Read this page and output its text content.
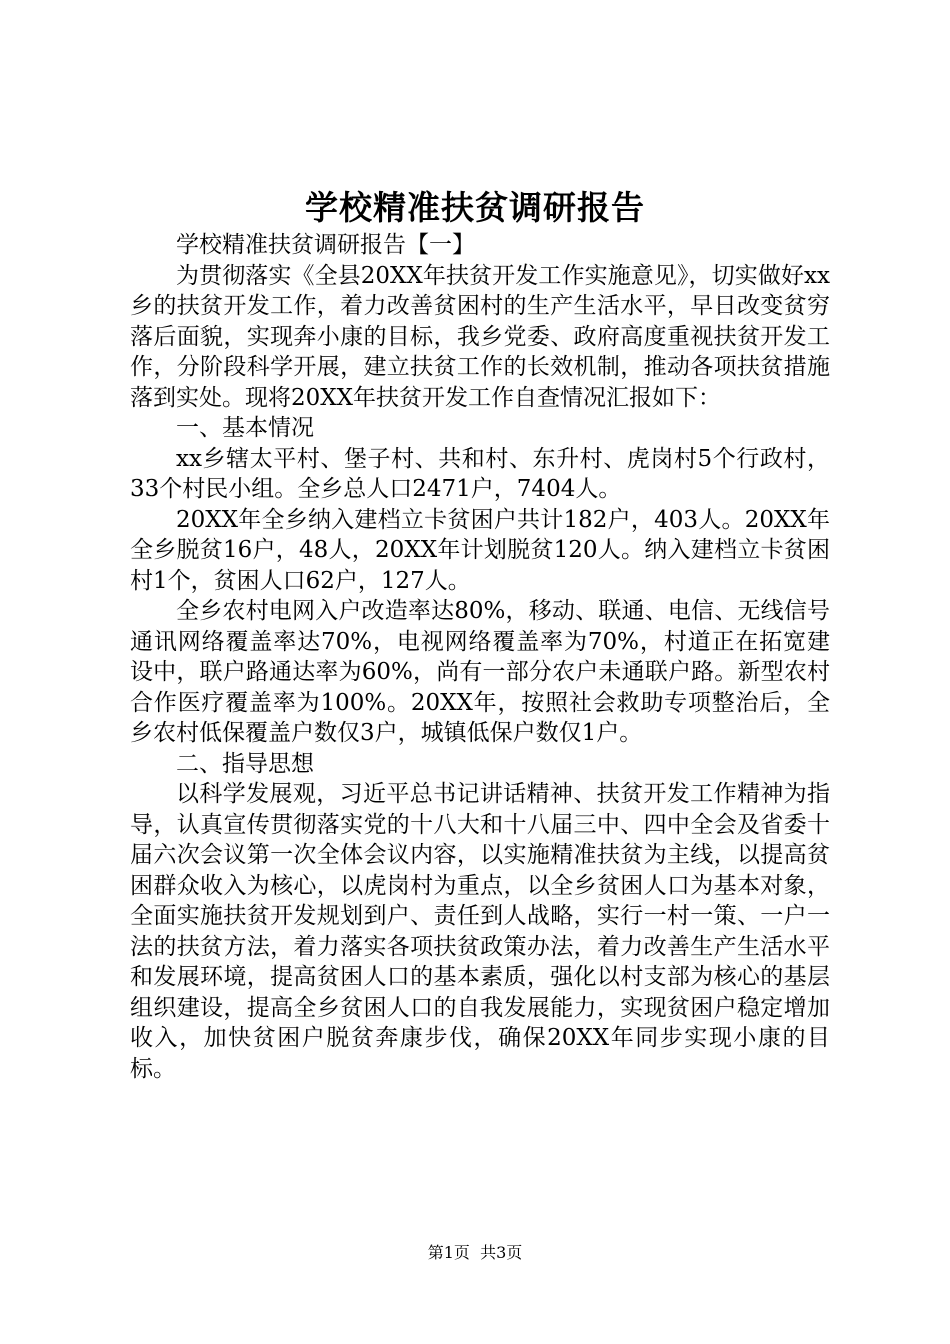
学校精准扶贫调研报告

学校精准扶贫调研报告【一】

为贯彻落实《全县20XX年扶贫开发工作实施意见》，切实做好xx乡的扶贫开发工作，着力改善贫困村的生产生活水平，早日改变贫穷落后面貌，实现奔小康的目标，我乡党委、政府高度重视扶贫开发工作，分阶段科学开展，建立扶贫工作的长效机制，推动各项扶贫措施落到实处。现将20XX年扶贫开发工作自查情况汇报如下：

一、基本情况

xx乡辖太平村、堡子村、共和村、东升村、虎岗村5个行政村，33个村民小组。全乡总人口2471户，7404人。

20XX年全乡纳入建档立卡贫困户共计182户，403人。20XX年全乡脱贫16户，48人，20XX年计划脱贫120人。纳入建档立卡贫困村1个，贫困人口62户，127人。

全乡农村电网入户改造率达80%，移动、联通、电信、无线信号通讯网络覆盖率达70%，电视网络覆盖率为70%，村道正在拓宽建设中，联户路通达率为60%，尚有一部分农户未通联户路。新型农村合作医疗覆盖率为100%。20XX年，按照社会救助专项整治后，全乡农村低保覆盖户数仅3户，城镇低保户数仅1户。

二、指导思想

以科学发展观，习近平总书记讲话精神、扶贫开发工作精神为指导，认真宣传贯彻落实党的十八大和十八届三中、四中全会及省委十届六次会议第一次全体会议内容，以实施精准扶贫为主线，以提高贫困群众收入为核心，以虎岗村为重点，以全乡贫困人口为基本对象，全面实施扶贫开发规划到户、责任到人战略，实行一村一策、一户一法的扶贫方法，着力落实各项扶贫政策办法，着力改善生产生活水平和发展环境，提高贫困人口的基本素质，强化以村支部为核心的基层组织建设，提高全乡贫困人口的自我发展能力，实现贫困户稳定增加收入，加快贫困户脱贫奔康步伐，确保20XX年同步实现小康的目标。

第1页 共3页
